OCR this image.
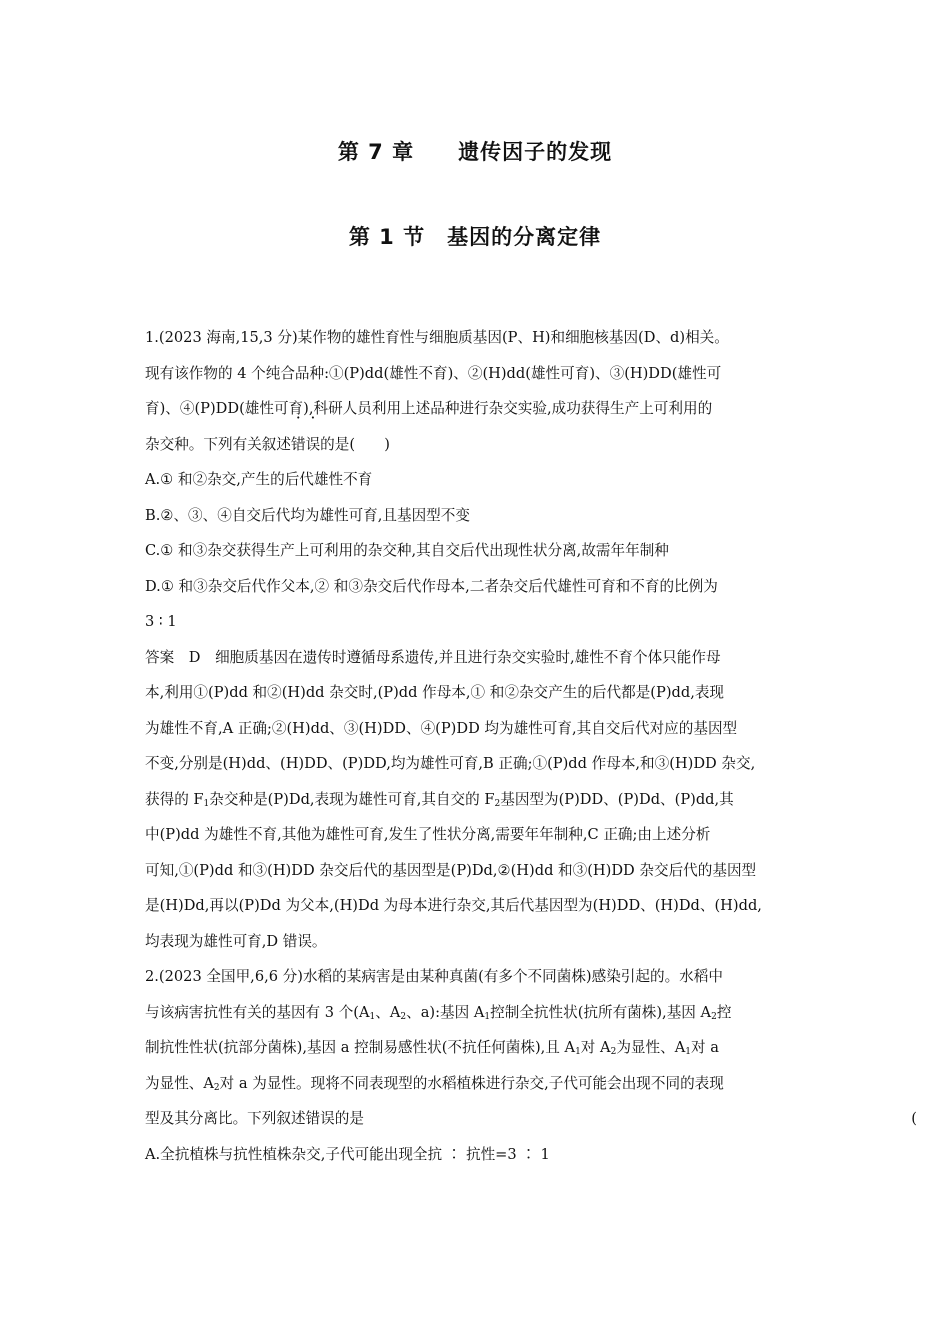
第 7 章　　遗传因子的发现
第 1 节　基因的分离定律
1.(2023 海南,15,3 分)某作物的雄性育性与细胞质基因(P、H)和细胞核基因(D、d)相关。
现有该作物的 4 个纯合品种:①(P)dd(雄性不育)、②(H)dd(雄性可育)、③(H)DD(雄性可
育)、④(P)DD(雄性可育),科研人员利用上述品种进行杂交实验,成功获得生产上可利用的
杂交种。下列有关叙述错误的是(　　)
A.① 和②杂交,产生的后代雄性不育
B.②、③、④自交后代均为雄性可育,且基因型不变
C.① 和③杂交获得生产上可利用的杂交种,其自交后代出现性状分离,故需年年制种
D.① 和③杂交后代作父本,② 和③杂交后代作母本,二者杂交后代雄性可育和不育的比例为
3 ∶ 1
答案　D　细胞质基因在遗传时遵循母系遗传,并且进行杂交实验时,雄性不育个体只能作母
本,利用①(P)dd 和②(H)dd 杂交时,(P)dd 作母本,① 和②杂交产生的后代都是(P)dd,表现
为雄性不育,A 正确;②(H)dd、③(H)DD、④(P)DD 均为雄性可育,其自交后代对应的基因型
不变,分别是(H)dd、(H)DD、(P)DD,均为雄性可育,B 正确;①(P)dd 作母本,和③(H)DD 杂交,
获得的 $F_1$杂交种是(P)Dd,表现为雄性可育,其自交的 $F_2$基因型为(P)DD、(P)Dd、(P)dd,其
中(P)dd 为雄性不育,其他为雄性可育,发生了性状分离,需要年年制种,C 正确;由上述分析
可知,①(P)dd 和③(H)DD 杂交后代的基因型是(P)Dd,②(H)dd 和③(H)DD 杂交后代的基因型
是(H)Dd,再以(P)Dd 为父本,(H)Dd 为母本进行杂交,其后代基因型为(H)DD、(H)Dd、(H)dd,
均表现为雄性可育,D 错误。
2.(2023 全国甲,6,6 分)水稻的某病害是由某种真菌(有多个不同菌株)感染引起的。水稻中
与该病害抗性有关的基因有 3 个($A_1$、$A_2$、a):基因 $A_1$控制全抗性状(抗所有菌株),基因 $A_2$控
制抗性性状(抗部分菌株),基因 a 控制易感性状(不抗任何菌株),且 $A_1$对 $A_2$为显性、$A_1$对 a
为显性、$A_2$对 a 为显性。现将不同表现型的水稻植株进行杂交,子代可能会出现不同的表现
型及其分离比。下列叙述错误的是	(
A.全抗植株与抗性植株杂交,子代可能出现全抗 ∶ 抗性=3 ∶ 1
